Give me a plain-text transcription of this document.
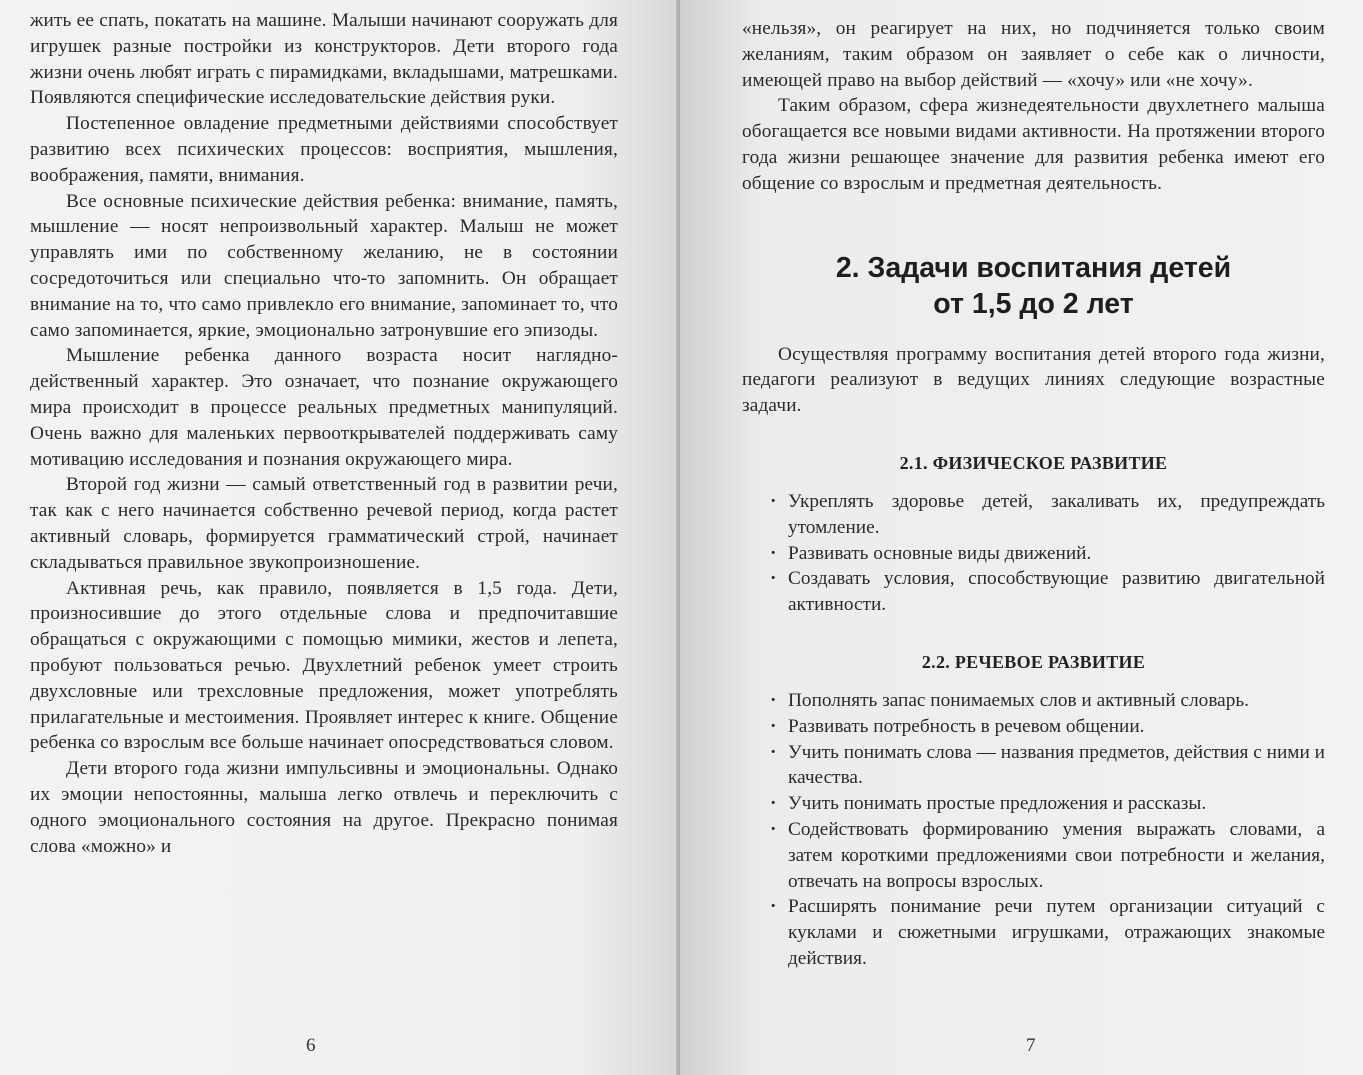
жить ее спать, покатать на машине. Малыши начинают сооружать для игрушек разные постройки из конструкторов. Дети второго года жизни очень любят играть с пирамидками, вкладышами, матрешками. Появляются специфические исследовательские действия руки.

Постепенное овладение предметными действиями способствует развитию всех психических процессов: восприятия, мышления, воображения, памяти, внимания.

Все основные психические действия ребенка: внимание, память, мышление — носят непроизвольный характер. Малыш не может управлять ими по собственному желанию, не в состоянии сосредоточиться или специально что-то запомнить. Он обращает внимание на то, что само привлекло его внимание, запоминает то, что само запоминается, яркие, эмоционально затронувшие его эпизоды.

Мышление ребенка данного возраста носит наглядно-действенный характер. Это означает, что познание окружающего мира происходит в процессе реальных предметных манипуляций. Очень важно для маленьких первооткрывателей поддерживать саму мотивацию исследования и познания окружающего мира.

Второй год жизни — самый ответственный год в развитии речи, так как с него начинается собственно речевой период, когда растет активный словарь, формируется грамматический строй, начинает складываться правильное звукопроизношение.

Активная речь, как правило, появляется в 1,5 года. Дети, произносившие до этого отдельные слова и предпочитавшие обращаться с окружающими с помощью мимики, жестов и лепета, пробуют пользоваться речью. Двухлетний ребенок умеет строить двухсловные или трехсловные предложения, может употреблять прилагательные и местоимения. Проявляет интерес к книге. Общение ребенка со взрослым все больше начинает опосредствоваться словом.

Дети второго года жизни импульсивны и эмоциональны. Однако их эмоции непостоянны, малыша легко отвлечь и переключить с одного эмоционального состояния на другое. Прекрасно понимая слова «можно» и

6

«нельзя», он реагирует на них, но подчиняется только своим желаниям, таким образом он заявляет о себе как о личности, имеющей право на выбор действий — «хочу» или «не хочу».

Таким образом, сфера жизнедеятельности двухлетнего малыша обогащается все новыми видами активности. На протяжении второго года жизни решающее значение для развития ребенка имеют его общение со взрослым и предметная деятельность.

2. Задачи воспитания детей
от 1,5 до 2 лет

Осуществляя программу воспитания детей второго года жизни, педагоги реализуют в ведущих линиях следующие возрастные задачи.

2.1. ФИЗИЧЕСКОЕ РАЗВИТИЕ
· Укреплять здоровье детей, закаливать их, предупреждать утомление.
· Развивать основные виды движений.
· Создавать условия, способствующие развитию двигательной активности.
2.2. РЕЧЕВОЕ РАЗВИТИЕ
· Пополнять запас понимаемых слов и активный словарь.
· Развивать потребность в речевом общении.
· Учить понимать слова — названия предметов, действия с ними и качества.
· Учить понимать простые предложения и рассказы.
· Содействовать формированию умения выражать словами, а затем короткими предложениями свои потребности и желания, отвечать на вопросы взрослых.
· Расширять понимание речи путем организации ситуаций с куклами и сюжетными игрушками, отражающих знакомые действия.
7
